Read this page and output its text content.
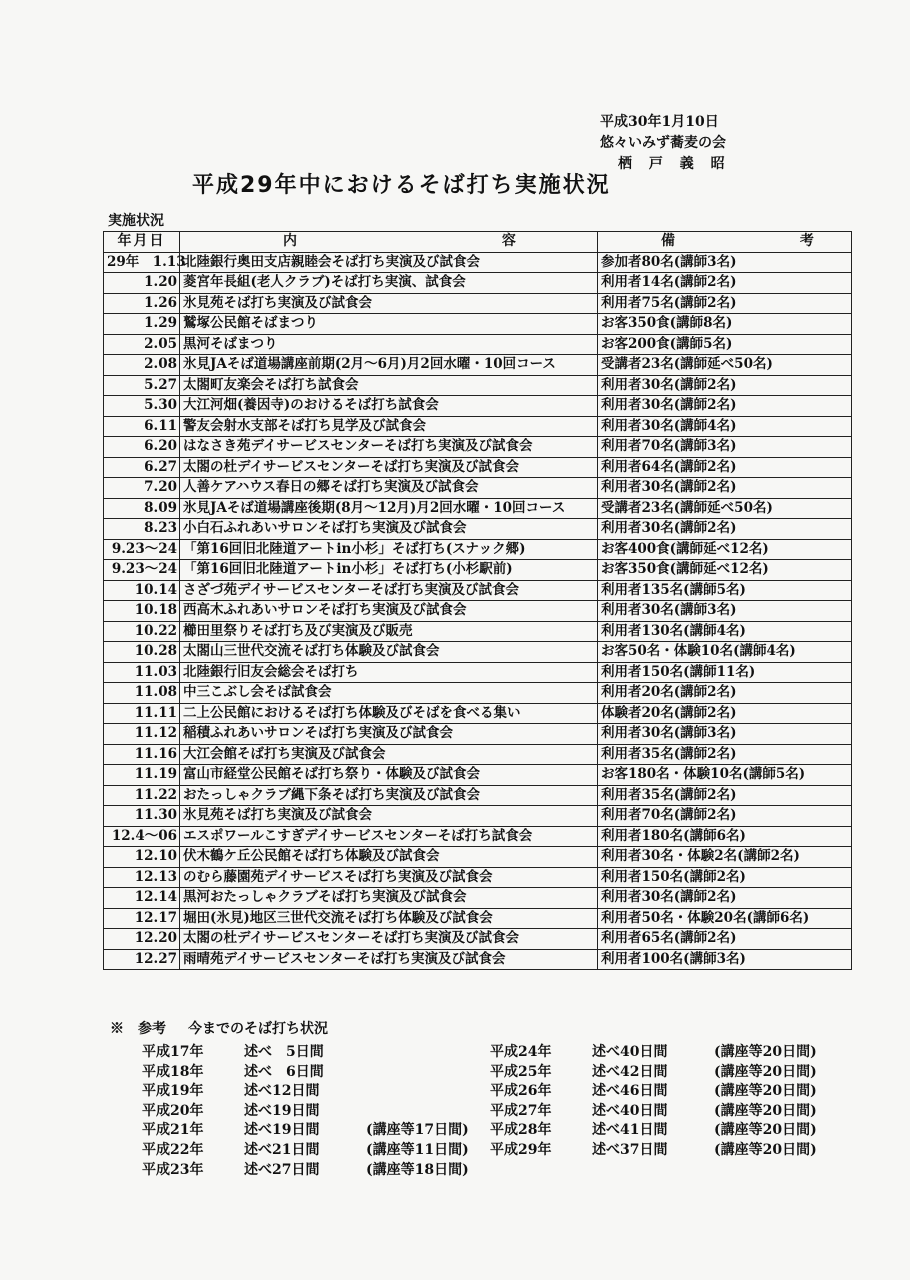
平成30年1月10日
悠々いみず蕎麦の会
栖 戸 義 昭
平成29年中におけるそば打ち実施状況
実施状況
年月日	内 容	備 考
29年　1.13	北陸銀行奥田支店親睦会そば打ち実演及び試食会	参加者80名(講師3名)
1.20	菱宮年長組(老人クラブ)そば打ち実演、試食会	利用者14名(講師2名)
1.26	氷見苑そば打ち実演及び試食会	利用者75名(講師2名)
1.29	鷲塚公民館そばまつり	お客350食(講師8名)
2.05	黒河そばまつり	お客200食(講師5名)
2.08	氷見JAそば道場講座前期(2月～6月)月2回水曜・10回コース	受講者23名(講師延べ50名)
5.27	太閤町友楽会そば打ち試食会	利用者30名(講師2名)
5.30	大江河畑(養因寺)のおけるそば打ち試食会	利用者30名(講師2名)
6.11	警友会射水支部そば打ち見学及び試食会	利用者30名(講師4名)
6.20	はなさき苑デイサービスセンターそば打ち実演及び試食会	利用者70名(講師3名)
6.27	太閤の杜デイサービスセンターそば打ち実演及び試食会	利用者64名(講師2名)
7.20	人善ケアハウス春日の郷そば打ち実演及び試食会	利用者30名(講師2名)
8.09	氷見JAそば道場講座後期(8月～12月)月2回水曜・10回コース	受講者23名(講師延べ50名)
8.23	小白石ふれあいサロンそば打ち実演及び試食会	利用者30名(講師2名)
9.23～24	「第16回旧北陸道アートin小杉」そば打ち(スナック郷)	お客400食(講師延べ12名)
9.23～24	「第16回旧北陸道アートin小杉」そば打ち(小杉駅前)	お客350食(講師延べ12名)
10.14	さざづ苑デイサービスセンターそば打ち実演及び試食会	利用者135名(講師5名)
10.18	西高木ふれあいサロンそば打ち実演及び試食会	利用者30名(講師3名)
10.22	櫛田里祭りそば打ち及び実演及び販売	利用者130名(講師4名)
10.28	太閤山三世代交流そば打ち体験及び試食会	お客50名・体験10名(講師4名)
11.03	北陸銀行旧友会総会そば打ち	利用者150名(講師11名)
11.08	中三こぶし会そば試食会	利用者20名(講師2名)
11.11	二上公民館におけるそば打ち体験及びそばを食べる集い	体験者20名(講師2名)
11.12	稲積ふれあいサロンそば打ち実演及び試食会	利用者30名(講師3名)
11.16	大江会館そば打ち実演及び試食会	利用者35名(講師2名)
11.19	富山市経堂公民館そば打ち祭り・体験及び試食会	お客180名・体験10名(講師5名)
11.22	おたっしゃクラブ縄下条そば打ち実演及び試食会	利用者35名(講師2名)
11.30	氷見苑そば打ち実演及び試食会	利用者70名(講師2名)
12.4～06	エスポワールこすぎデイサービスセンターそば打ち試食会	利用者180名(講師6名)
12.10	伏木鶴ケ丘公民館そば打ち体験及び試食会	利用者30名・体験2名(講師2名)
12.13	のむら藤園苑デイサービスそば打ち実演及び試食会	利用者150名(講師2名)
12.14	黒河おたっしゃクラブそば打ち実演及び試食会	利用者30名(講師2名)
12.17	堀田(氷見)地区三世代交流そば打ち体験及び試食会	利用者50名・体験20名(講師6名)
12.20	太閤の杜デイサービスセンターそば打ち実演及び試食会	利用者65名(講師2名)
12.27	雨晴苑デイサービスセンターそば打ち実演及び試食会	利用者100名(講師3名)
※　参考 今までのそば打ち状況
平成17年	述べ　5日間
平成18年	述べ　6日間
平成19年	述べ12日間
平成20年	述べ19日間
平成21年	述べ19日間	(講座等17日間)
平成22年	述べ21日間	(講座等11日間)
平成23年	述べ27日間	(講座等18日間)
平成24年	述べ40日間	(講座等20日間)
平成25年	述べ42日間	(講座等20日間)
平成26年	述べ46日間	(講座等20日間)
平成27年	述べ40日間	(講座等20日間)
平成28年	述べ41日間	(講座等20日間)
平成29年	述べ37日間	(講座等20日間)
